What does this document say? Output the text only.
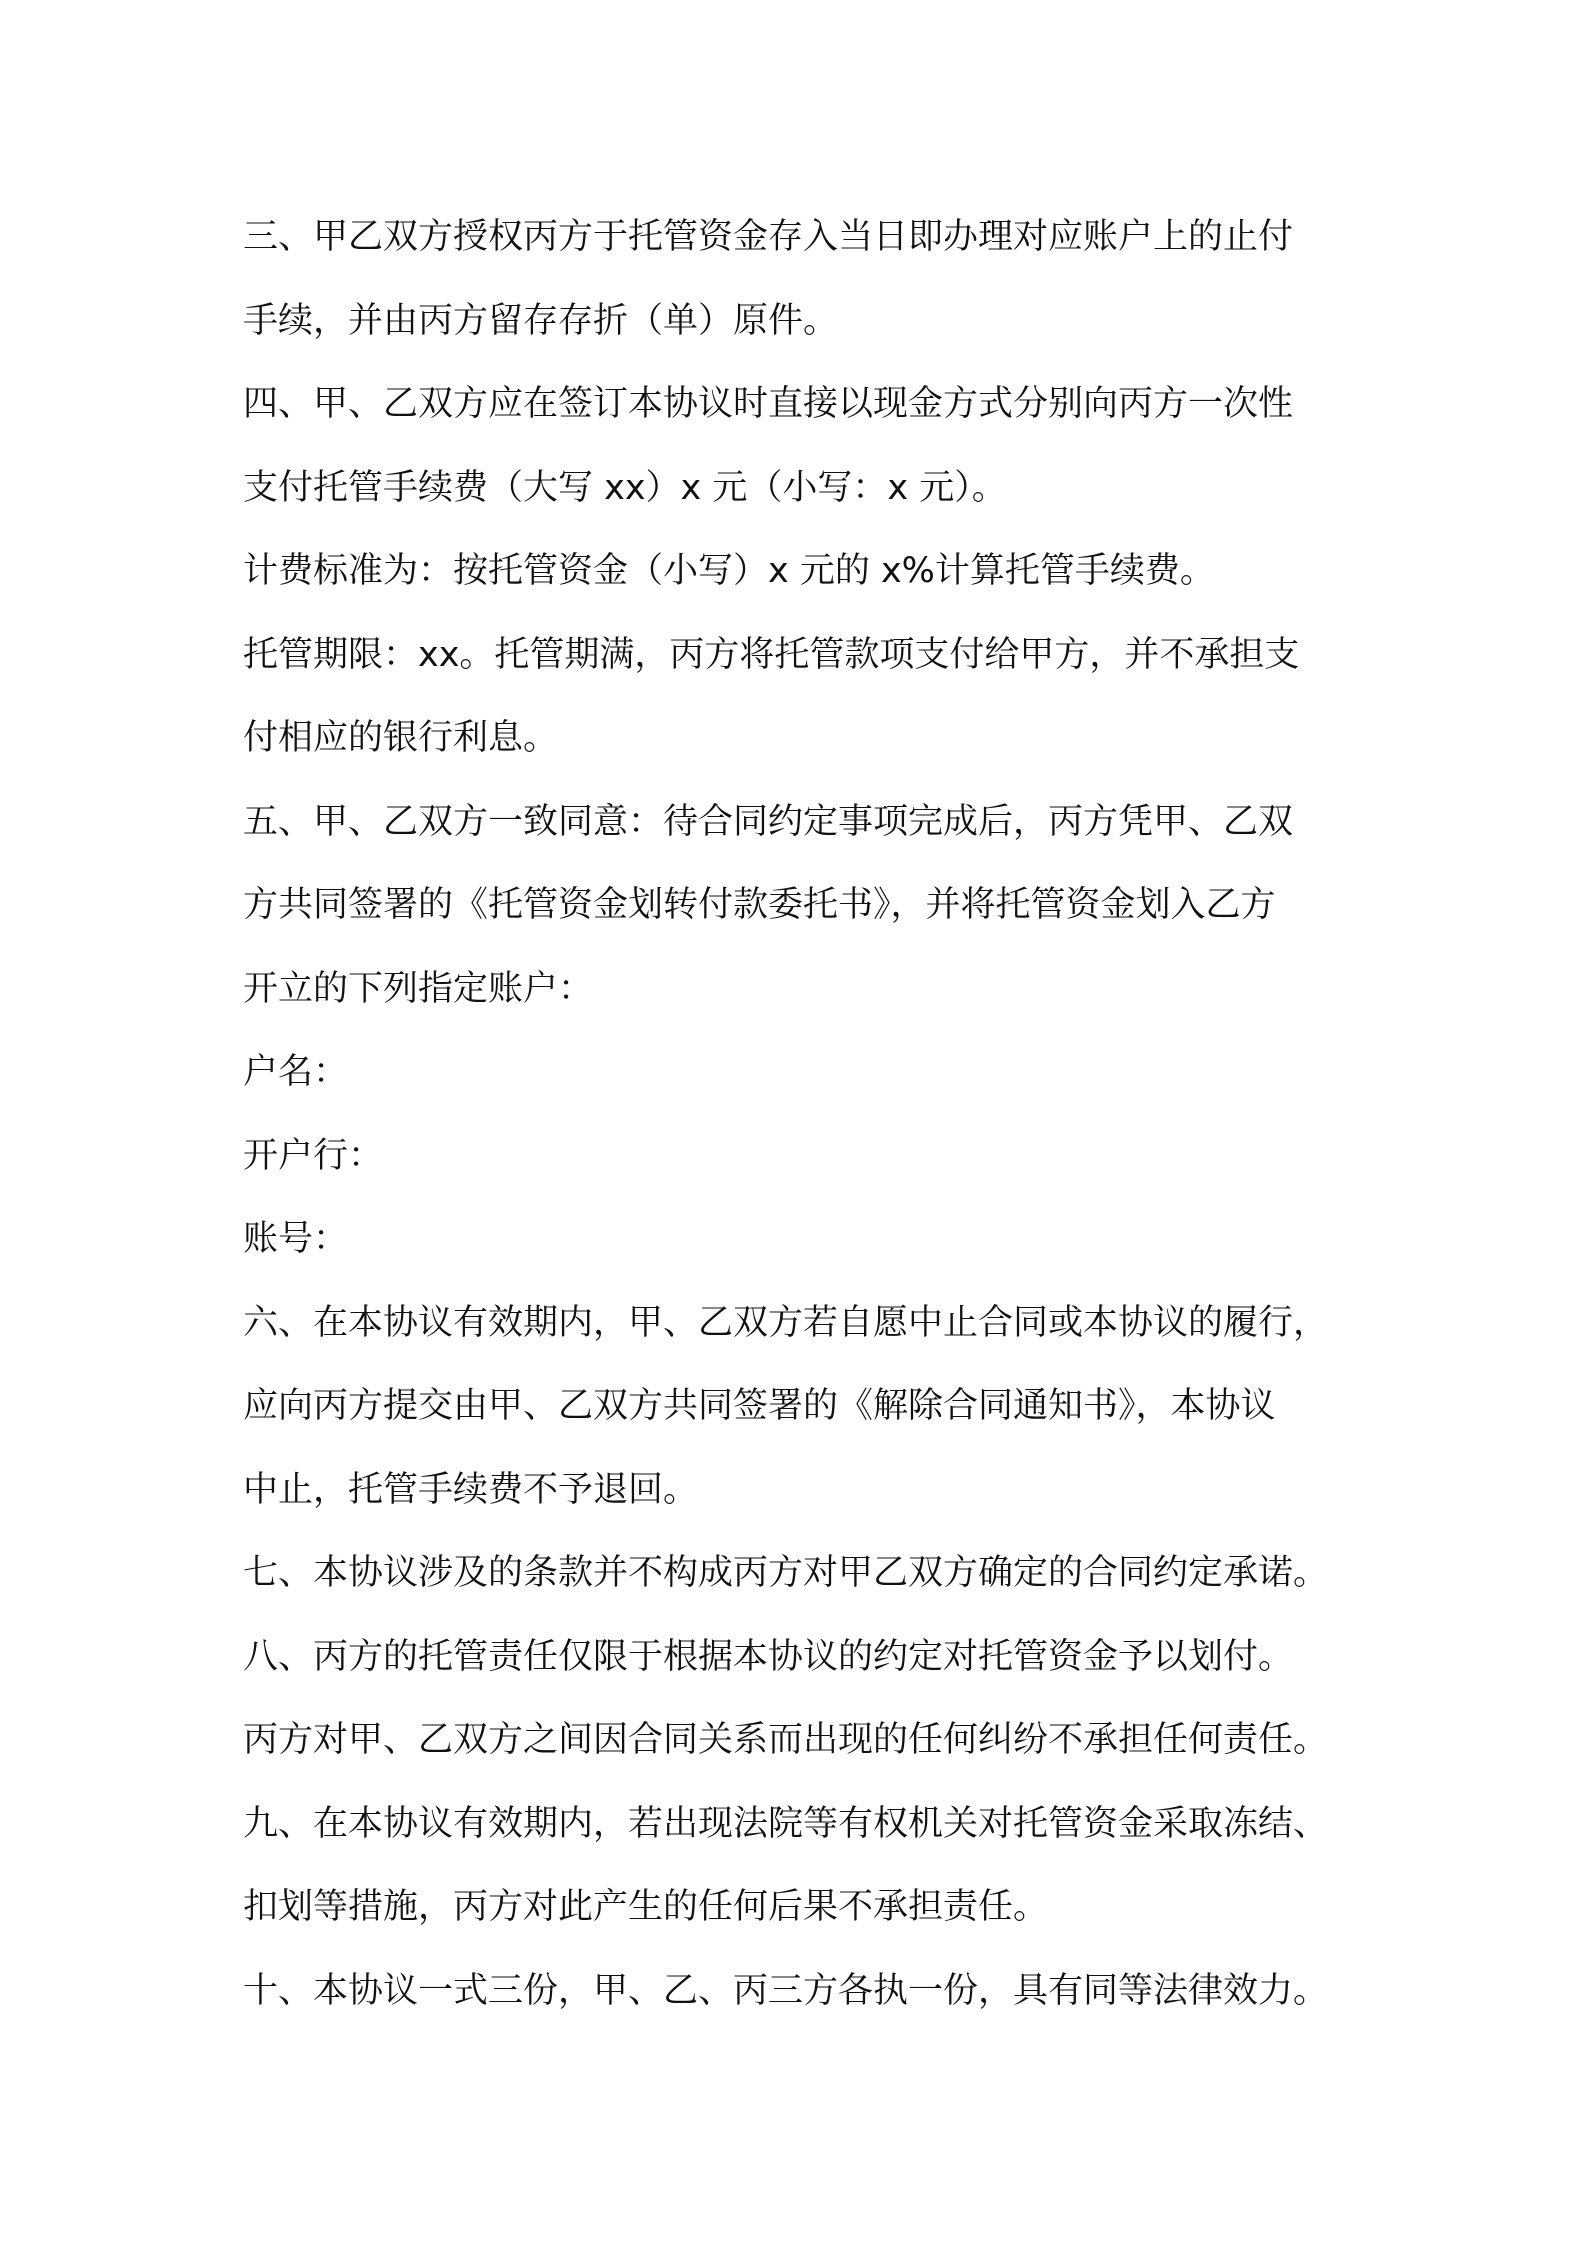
三、甲乙双方授权丙方于托管资金存入当日即办理对应账户上的止付
手续，并由丙方留存存折（单）原件。
四、甲、乙双方应在签订本协议时直接以现金方式分别向丙方一次性
支付托管手续费（大写 xx）x 元（小写：x 元）。
计费标准为：按托管资金（小写）x 元的 x%计算托管手续费。
托管期限：xx。托管期满，丙方将托管款项支付给甲方，并不承担支
付相应的银行利息。
五、甲、乙双方一致同意：待合同约定事项完成后，丙方凭甲、乙双
方共同签署的《托管资金划转付款委托书》，并将托管资金划入乙方
开立的下列指定账户：
户名：
开户行：
账号：
六、在本协议有效期内，甲、乙双方若自愿中止合同或本协议的履行，
应向丙方提交由甲、乙双方共同签署的《解除合同通知书》，本协议
中止，托管手续费不予退回。
七、本协议涉及的条款并不构成丙方对甲乙双方确定的合同约定承诺。
八、丙方的托管责任仅限于根据本协议的约定对托管资金予以划付。
丙方对甲、乙双方之间因合同关系而出现的任何纠纷不承担任何责任。
九、在本协议有效期内，若出现法院等有权机关对托管资金采取冻结、
扣划等措施，丙方对此产生的任何后果不承担责任。
十、本协议一式三份，甲、乙、丙三方各执一份，具有同等法律效力。
